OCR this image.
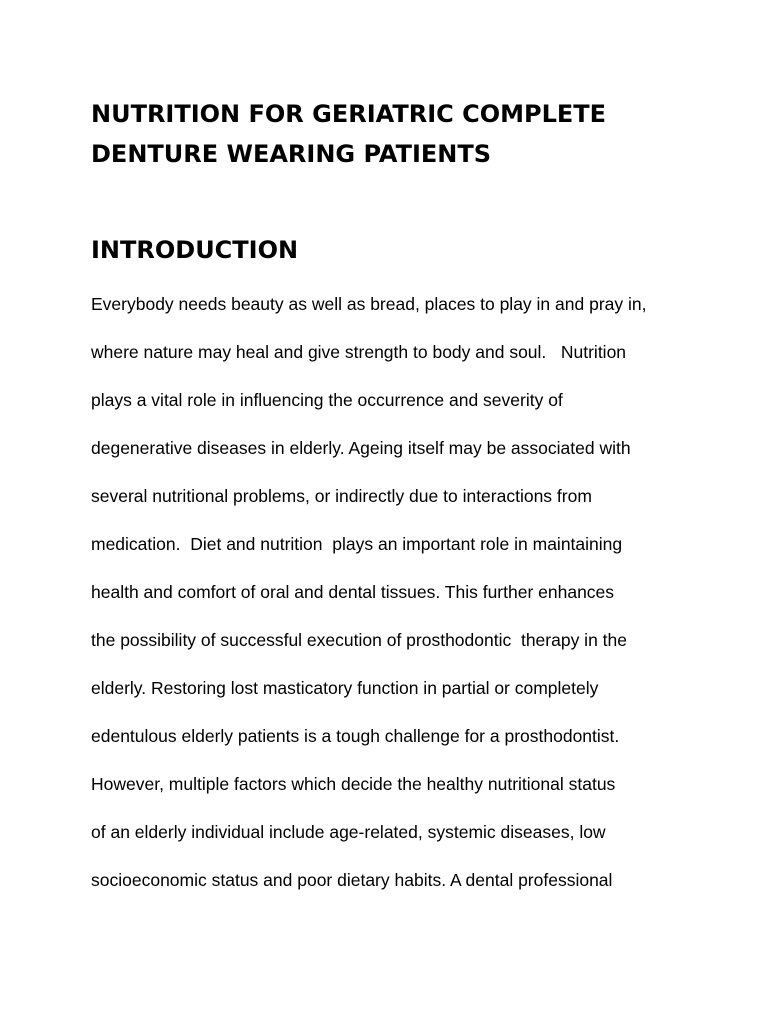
NUTRITION FOR GERIATRIC COMPLETE
DENTURE WEARING PATIENTS
INTRODUCTION
Everybody needs beauty as well as bread, places to play in and pray in,
where nature may heal and give strength to body and soul.   Nutrition
plays a vital role in influencing the occurrence and severity of
degenerative diseases in elderly. Ageing itself may be associated with
several nutritional problems, or indirectly due to interactions from
medication.  Diet and nutrition  plays an important role in maintaining
health and comfort of oral and dental tissues. This further enhances
the possibility of successful execution of prosthodontic  therapy in the
elderly. Restoring lost masticatory function in partial or completely
edentulous elderly patients is a tough challenge for a prosthodontist.
However, multiple factors which decide the healthy nutritional status
of an elderly individual include age-related, systemic diseases, low
socioeconomic status and poor dietary habits. A dental professional
